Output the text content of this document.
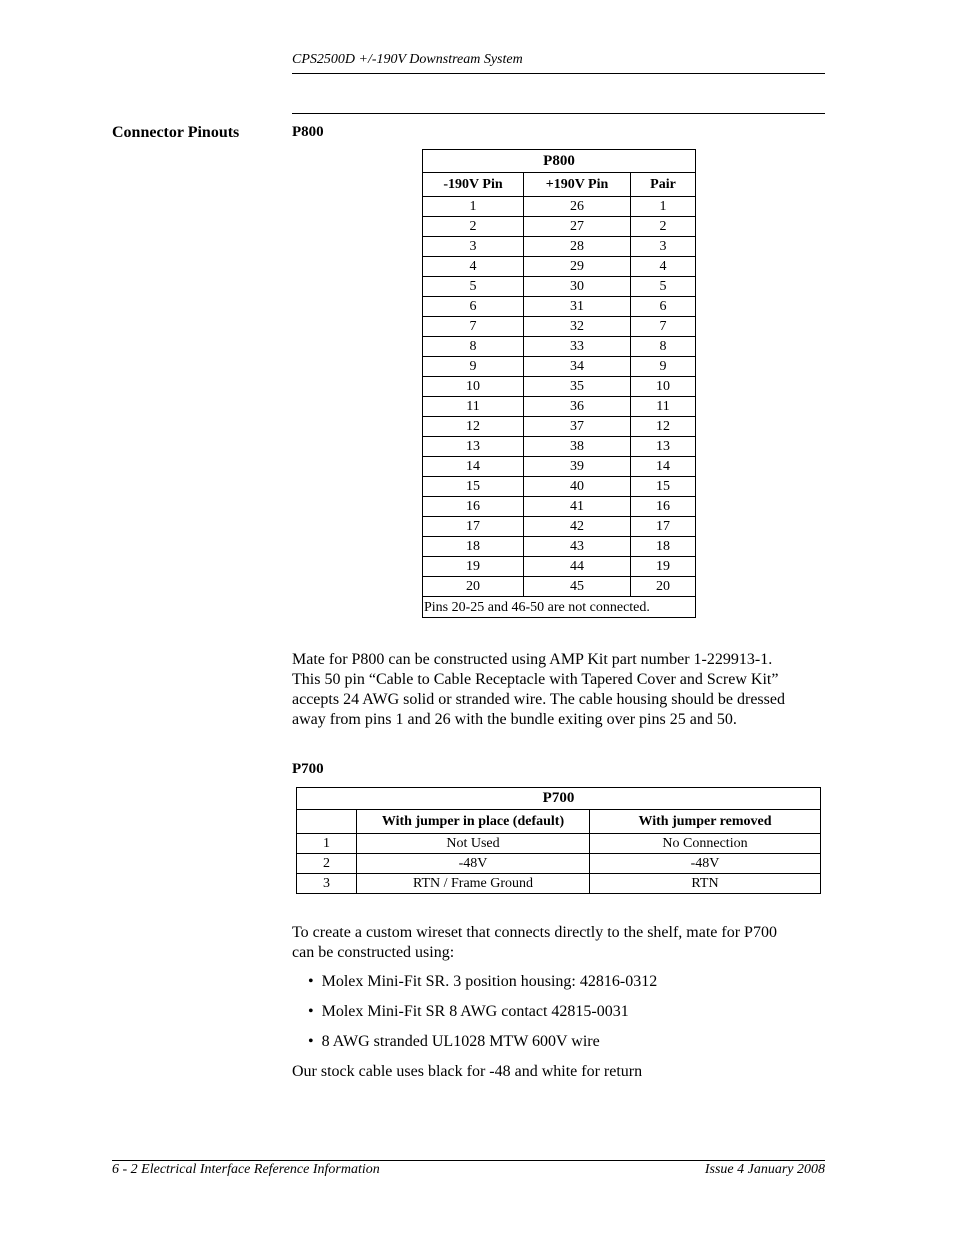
CPS2500D +/-190V Downstream System
Connector Pinouts	P800
P800		
-190V Pin	+190V Pin	Pair
1	26	1
2	27	2
3	28	3
4	29	4
5	30	5
6	31	6
7	32	7
8	33	8
9	34	9
10	35	10
11	36	11
12	37	12
13	38	13
14	39	14
15	40	15
16	41	16
17	42	17
18	43	18
19	44	19
20	45	20
Pins 20-25 and 46-50 are not connected.		
Mate for P800 can be constructed using AMP Kit part number 1-229913-1.
This 50 pin “Cable to Cable Receptacle with Tapered Cover and Screw Kit”
accepts 24 AWG solid or stranded wire. The cable housing should be dressed
away from pins 1 and 26 with the bundle exiting over pins 25 and 50.
P700
P700		
	With jumper in place (default)	With jumper removed
1	Not Used	No Connection
2	-48V	-48V
3	RTN / Frame Ground	RTN
To create a custom wireset that connects directly to the shelf, mate for P700
can be constructed using:
•  Molex Mini-Fit SR. 3 position housing: 42816-0312
•  Molex Mini-Fit SR 8 AWG contact 42815-0031
•  8 AWG stranded UL1028 MTW 600V wire
Our stock cable uses black for -48 and white for return
6 - 2 Electrical Interface Reference Information	Issue 4 January 2008
